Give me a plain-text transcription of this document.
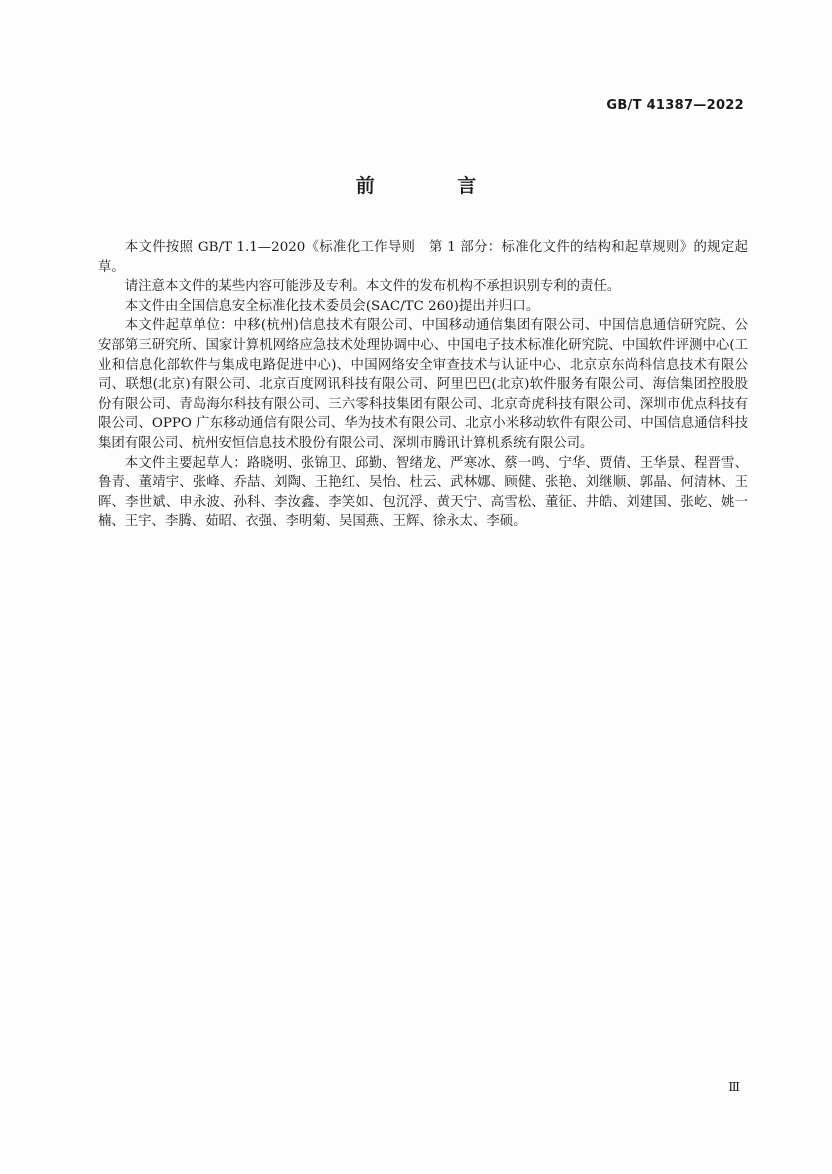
GB/T 41387—2022
前 言

本文件按照 GB/T 1.1—2020《标准化工作导则　第 1 部分：标准化文件的结构和起草规则》的规定起草。

请注意本文件的某些内容可能涉及专利。本文件的发布机构不承担识别专利的责任。

本文件由全国信息安全标准化技术委员会(SAC/TC 260)提出并归口。

本文件起草单位：中移(杭州)信息技术有限公司、中国移动通信集团有限公司、中国信息通信研究院、公安部第三研究所、国家计算机网络应急技术处理协调中心、中国电子技术标准化研究院、中国软件评测中心(工业和信息化部软件与集成电路促进中心)、中国网络安全审查技术与认证中心、北京京东尚科信息技术有限公司、联想(北京)有限公司、北京百度网讯科技有限公司、阿里巴巴(北京)软件服务有限公司、海信集团控股股份有限公司、青岛海尔科技有限公司、三六零科技集团有限公司、北京奇虎科技有限公司、深圳市优点科技有限公司、OPPO 广东移动通信有限公司、华为技术有限公司、北京小米移动软件有限公司、中国信息通信科技集团有限公司、杭州安恒信息技术股份有限公司、深圳市腾讯计算机系统有限公司。

本文件主要起草人：路晓明、张锦卫、邱勤、智绪龙、严寒冰、蔡一鸣、宁华、贾倩、王华景、程晋雪、鲁青、董靖宇、张峰、乔喆、刘陶、王艳红、吴怡、杜云、武林娜、顾健、张艳、刘继顺、郭晶、何清林、王晖、李世斌、申永波、孙科、李汝鑫、李笑如、包沉浮、黄天宁、高雪松、董征、井皓、刘建国、张屹、姚一楠、王宇、李腾、茹昭、衣强、李明菊、吴国燕、王辉、徐永太、李硕。

Ⅲ
